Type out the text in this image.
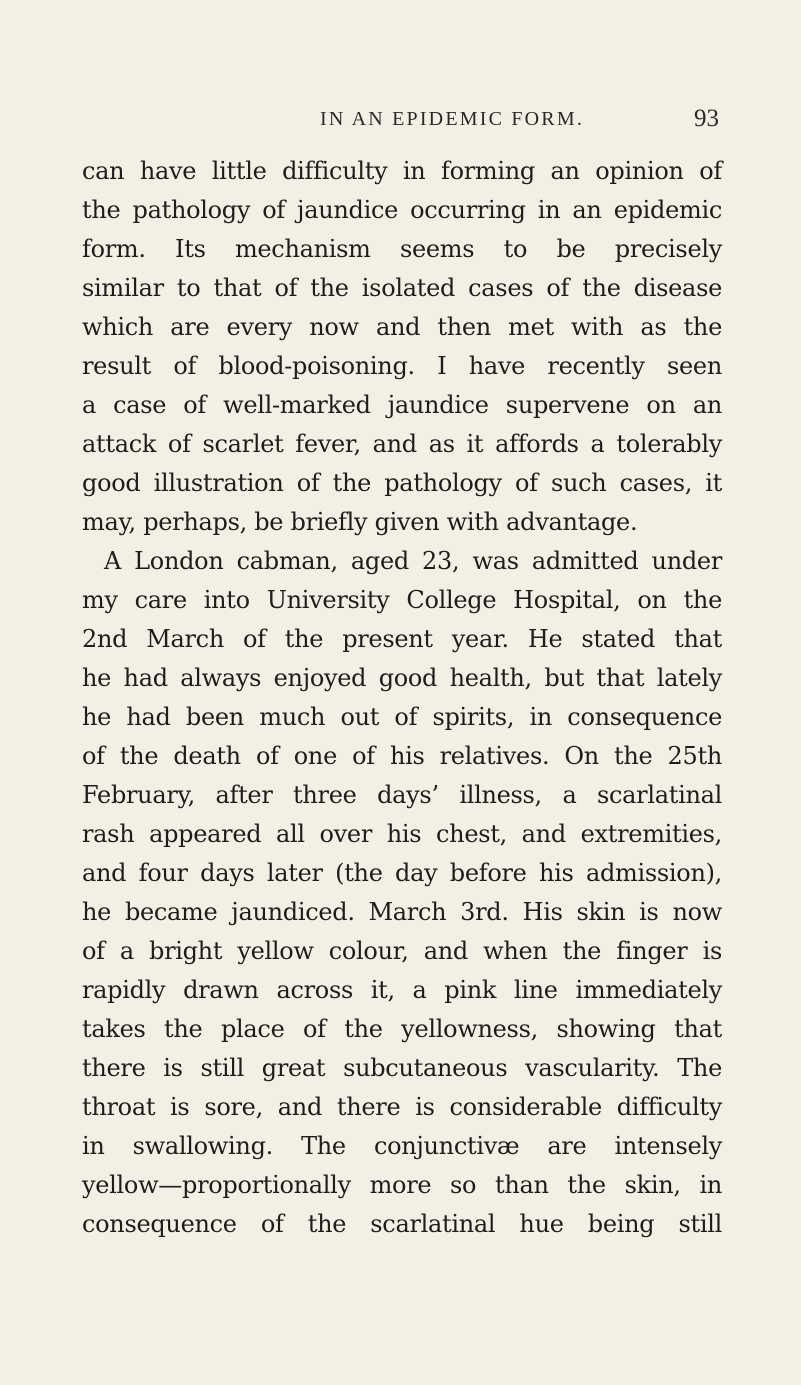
IN AN EPIDEMIC FORM.	93
can have little difficulty in forming an opinion of
the pathology of jaundice occurring in an epidemic
form. Its mechanism seems to be precisely
similar to that of the isolated cases of the disease
which are every now and then met with as the
result of blood-poisoning. I have recently seen
a case of well-marked jaundice supervene on an
attack of scarlet fever, and as it affords a tolerably
good illustration of the pathology of such cases, it
may, perhaps, be briefly given with advantage.
A London cabman, aged 23, was admitted under
my care into University College Hospital, on the
2nd March of the present year. He stated that
he had always enjoyed good health, but that lately
he had been much out of spirits, in consequence
of the death of one of his relatives. On the 25th
February, after three days’ illness, a scarlatinal
rash appeared all over his chest, and extremities,
and four days later (the day before his admission),
he became jaundiced. March 3rd. His skin is now
of a bright yellow colour, and when the finger is
rapidly drawn across it, a pink line immediately
takes the place of the yellowness, showing that
there is still great subcutaneous vascularity. The
throat is sore, and there is considerable difficulty
in swallowing. The conjunctivæ are intensely
yellow—proportionally more so than the skin, in
consequence of the scarlatinal hue being still
